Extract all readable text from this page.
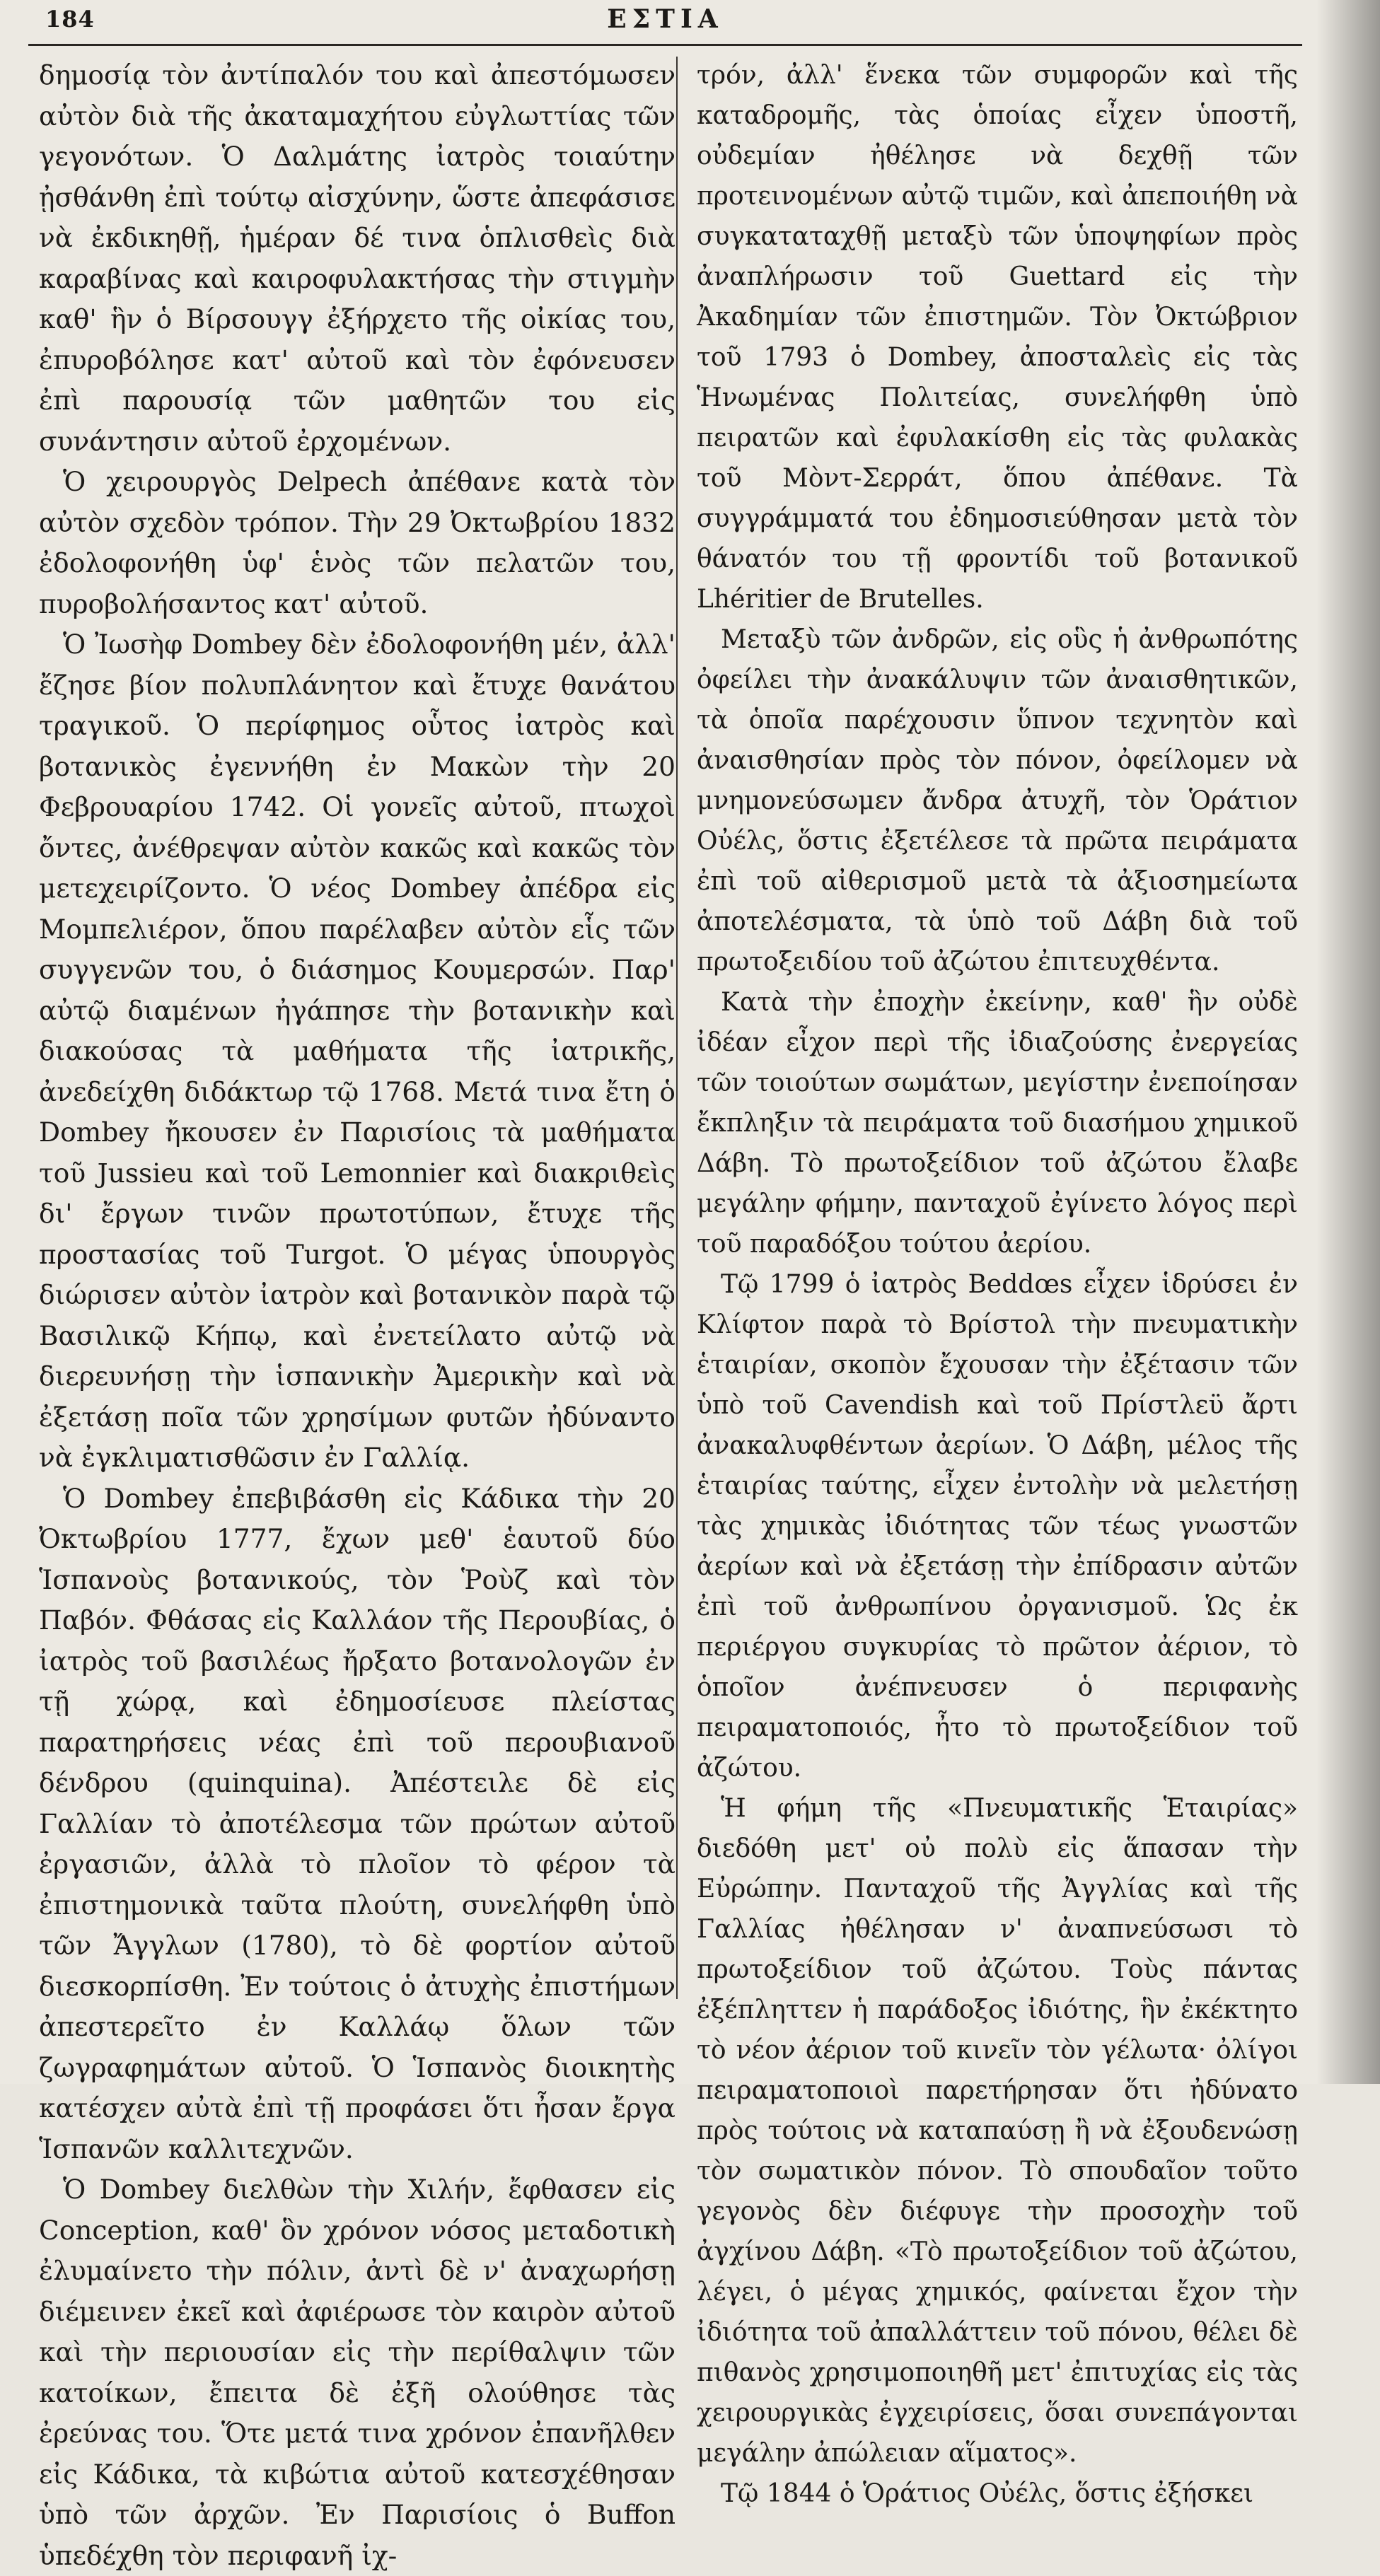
184	ΕΣΤΙΑ

δημοσίᾳ τὸν ἀντίπαλόν του καὶ ἀπεστόμωσεν αὐτὸν διὰ τῆς ἀκαταμαχήτου εὐγλωττίας τῶν γεγονότων. Ὁ Δαλμάτης ἰατρὸς τοιαύτην ᾐσθάνθη ἐπὶ τούτῳ αἰσχύνην, ὥστε ἀπεφάσισε νὰ ἐκδικηθῇ, ἡμέραν δέ τινα ὁπλισθεὶς διὰ καραβίνας καὶ καιροφυλακτήσας τὴν στιγμὴν καθ' ἣν ὁ Βίρσουγγ ἐξήρχετο τῆς οἰκίας του, ἐπυροβόλησε κατ' αὐτοῦ καὶ τὸν ἐφόνευσεν ἐπὶ παρουσίᾳ τῶν μαθητῶν του εἰς συνάντησιν αὐτοῦ ἐρχομένων.

Ὁ χειρουργὸς Delpech ἀπέθανε κατὰ τὸν αὐτὸν σχεδὸν τρόπον. Τὴν 29 Ὀκτωβρίου 1832 ἐδολοφονήθη ὑφ' ἑνὸς τῶν πελατῶν του, πυροβολήσαντος κατ' αὐτοῦ.

Ὁ Ἰωσὴφ Dombey δὲν ἐδολοφονήθη μέν, ἀλλ' ἔζησε βίον πολυπλάνητον καὶ ἔτυχε θανάτου τραγικοῦ. Ὁ περίφημος οὗτος ἰατρὸς καὶ βοτανικὸς ἐγεννήθη ἐν Μακὼν τὴν 20 Φεβρουαρίου 1742. Οἱ γονεῖς αὐτοῦ, πτωχοὶ ὄντες, ἀνέθρεψαν αὐτὸν κακῶς καὶ κακῶς τὸν μετεχειρίζοντο. Ὁ νέος Dombey ἀπέδρα εἰς Μομπελιέρον, ὅπου παρέλαβεν αὐτὸν εἷς τῶν συγγενῶν του, ὁ διάσημος Κουμερσών. Παρ' αὐτῷ διαμένων ἠγάπησε τὴν βοτανικὴν καὶ διακούσας τὰ μαθήματα τῆς ἰατρικῆς, ἀνεδείχθη διδάκτωρ τῷ 1768. Μετά τινα ἔτη ὁ Dombey ἤκουσεν ἐν Παρισίοις τὰ μαθήματα τοῦ Jussieu καὶ τοῦ Lemonnier καὶ διακριθεὶς δι' ἔργων τινῶν πρωτοτύπων, ἔτυχε τῆς προστασίας τοῦ Turgot. Ὁ μέγας ὑπουργὸς διώρισεν αὐτὸν ἰατρὸν καὶ βοτανικὸν παρὰ τῷ Βασιλικῷ Κήπῳ, καὶ ἐνετείλατο αὐτῷ νὰ διερευνήσῃ τὴν ἱσπανικὴν Ἀμερικὴν καὶ νὰ ἐξετάσῃ ποῖα τῶν χρησίμων φυτῶν ἠδύναντο νὰ ἐγκλιματισθῶσιν ἐν Γαλλίᾳ.

Ὁ Dombey ἐπεβιβάσθη εἰς Κάδικα τὴν 20 Ὀκτωβρίου 1777, ἔχων μεθ' ἑαυτοῦ δύο Ἱσπανοὺς βοτανικούς, τὸν Ῥοὺζ καὶ τὸν Παβόν. Φθάσας εἰς Καλλάον τῆς Περουβίας, ὁ ἰατρὸς τοῦ βασιλέως ἤρξατο βοτανολογῶν ἐν τῇ χώρᾳ, καὶ ἐδημοσίευσε πλείστας παρατηρήσεις νέας ἐπὶ τοῦ περουβιανοῦ δένδρου (quinquina). Ἀπέστειλε δὲ εἰς Γαλλίαν τὸ ἀποτέλεσμα τῶν πρώτων αὐτοῦ ἐργασιῶν, ἀλλὰ τὸ πλοῖον τὸ φέρον τὰ ἐπιστημονικὰ ταῦτα πλούτη, συνελήφθη ὑπὸ τῶν Ἄγγλων (1780), τὸ δὲ φορτίον αὐτοῦ διεσκορπίσθη. Ἐν τούτοις ὁ ἀτυχὴς ἐπιστήμων ἀπεστερεῖτο ἐν Καλλάῳ ὅλων τῶν ζωγραφημάτων αὐτοῦ. Ὁ Ἱσπανὸς διοικητὴς κατέσχεν αὐτὰ ἐπὶ τῇ προφάσει ὅτι ἦσαν ἔργα Ἱσπανῶν καλλιτεχνῶν.

Ὁ Dombey διελθὼν τὴν Χιλήν, ἔφθασεν εἰς Conception, καθ' ὃν χρόνον νόσος μεταδοτικὴ ἐλυμαίνετο τὴν πόλιν, ἀντὶ δὲ ν' ἀναχωρήσῃ διέμεινεν ἐκεῖ καὶ ἀφιέρωσε τὸν καιρὸν αὐτοῦ καὶ τὴν περιουσίαν εἰς τὴν περίθαλψιν τῶν κατοίκων, ἔπειτα δὲ ἐξῆ ολούθησε τὰς ἐρεύνας του. Ὅτε μετά τινα χρόνον ἐπανῆλθεν εἰς Κάδικα, τὰ κιβώτια αὐτοῦ κατεσχέθησαν ὑπὸ τῶν ἀρχῶν. Ἐν Παρισίοις ὁ Buffon ὑπεδέχθη τὸν περιφανῆ ἰχ-

τρόν, ἀλλ' ἕνεκα τῶν συμφορῶν καὶ τῆς καταδρομῆς, τὰς ὁποίας εἶχεν ὑποστῆ, οὐδεμίαν ἠθέλησε νὰ δεχθῇ τῶν προτεινομένων αὐτῷ τιμῶν, καὶ ἀπεποιήθη νὰ συγκαταταχθῇ μεταξὺ τῶν ὑποψηφίων πρὸς ἀναπλήρωσιν τοῦ Guettard εἰς τὴν Ἀκαδημίαν τῶν ἐπιστημῶν. Τὸν Ὀκτώβριον τοῦ 1793 ὁ Dombey, ἀποσταλεὶς εἰς τὰς Ἡνωμένας Πολιτείας, συνελήφθη ὑπὸ πειρατῶν καὶ ἐφυλακίσθη εἰς τὰς φυλακὰς τοῦ Μὸντ-Σερράτ, ὅπου ἀπέθανε. Τὰ συγγράμματά του ἐδημοσιεύθησαν μετὰ τὸν θάνατόν του τῇ φροντίδι τοῦ βοτανικοῦ Lhéritier de Brutelles.

Μεταξὺ τῶν ἀνδρῶν, εἰς οὓς ἡ ἀνθρωπότης ὀφείλει τὴν ἀνακάλυψιν τῶν ἀναισθητικῶν, τὰ ὁποῖα παρέχουσιν ὕπνον τεχνητὸν καὶ ἀναισθησίαν πρὸς τὸν πόνον, ὀφείλομεν νὰ μνημονεύσωμεν ἄνδρα ἀτυχῆ, τὸν Ὁράτιον Οὐέλς, ὅστις ἐξετέλεσε τὰ πρῶτα πειράματα ἐπὶ τοῦ αἰθερισμοῦ μετὰ τὰ ἀξιοσημείωτα ἀποτελέσματα, τὰ ὑπὸ τοῦ Δάβη διὰ τοῦ πρωτοξειδίου τοῦ ἀζώτου ἐπιτευχθέντα.

Κατὰ τὴν ἐποχὴν ἐκείνην, καθ' ἣν οὐδὲ ἰδέαν εἶχον περὶ τῆς ἰδιαζούσης ἐνεργείας τῶν τοιούτων σωμάτων, μεγίστην ἐνεποίησαν ἔκπληξιν τὰ πειράματα τοῦ διασήμου χημικοῦ Δάβη. Τὸ πρωτοξείδιον τοῦ ἀζώτου ἔλαβε μεγάλην φήμην, πανταχοῦ ἐγίνετο λόγος περὶ τοῦ παραδόξου τούτου ἀερίου.

Τῷ 1799 ὁ ἰατρὸς Beddœs εἶχεν ἱδρύσει ἐν Κλίφτον παρὰ τὸ Βρίστολ τὴν πνευματικὴν ἑταιρίαν, σκοπὸν ἔχουσαν τὴν ἐξέτασιν τῶν ὑπὸ τοῦ Cavendish καὶ τοῦ Πρίστλεϋ ἄρτι ἀνακαλυφθέντων ἀερίων. Ὁ Δάβη, μέλος τῆς ἑταιρίας ταύτης, εἶχεν ἐντολὴν νὰ μελετήσῃ τὰς χημικὰς ἰδιότητας τῶν τέως γνωστῶν ἀερίων καὶ νὰ ἐξετάσῃ τὴν ἐπίδρασιν αὐτῶν ἐπὶ τοῦ ἀνθρωπίνου ὀργανισμοῦ. Ὡς ἐκ περιέργου συγκυρίας τὸ πρῶτον ἀέριον, τὸ ὁποῖον ἀνέπνευσεν ὁ περιφανὴς πειραματοποιός, ἦτο τὸ πρωτοξείδιον τοῦ ἀζώτου.

Ἡ φήμη τῆς «Πνευματικῆς Ἑταιρίας» διεδόθη μετ' οὐ πολὺ εἰς ἅπασαν τὴν Εὐρώπην. Πανταχοῦ τῆς Ἀγγλίας καὶ τῆς Γαλλίας ἠθέλησαν ν' ἀναπνεύσωσι τὸ πρωτοξείδιον τοῦ ἀζώτου. Τοὺς πάντας ἐξέπληττεν ἡ παράδοξος ἰδιότης, ἣν ἐκέκτητο τὸ νέον ἀέριον τοῦ κινεῖν τὸν γέλωτα· ὀλίγοι πειραματοποιοὶ παρετήρησαν ὅτι ἠδύνατο πρὸς τούτοις νὰ καταπαύσῃ ἢ νὰ ἐξουδενώσῃ τὸν σωματικὸν πόνον. Τὸ σπουδαῖον τοῦτο γεγονὸς δὲν διέφυγε τὴν προσοχὴν τοῦ ἀγχίνου Δάβη. «Τὸ πρωτοξείδιον τοῦ ἀζώτου, λέγει, ὁ μέγας χημικός, φαίνεται ἔχον τὴν ἰδιότητα τοῦ ἀπαλλάττειν τοῦ πόνου, θέλει δὲ πιθανὸς χρησιμοποιηθῆ μετ' ἐπιτυχίας εἰς τὰς χειρουργικὰς ἐγχειρίσεις, ὅσαι συνεπάγονται μεγάλην ἀπώλειαν αἵματος».

Τῷ 1844 ὁ Ὁράτιος Οὐέλς, ὅστις ἐξήσκει
